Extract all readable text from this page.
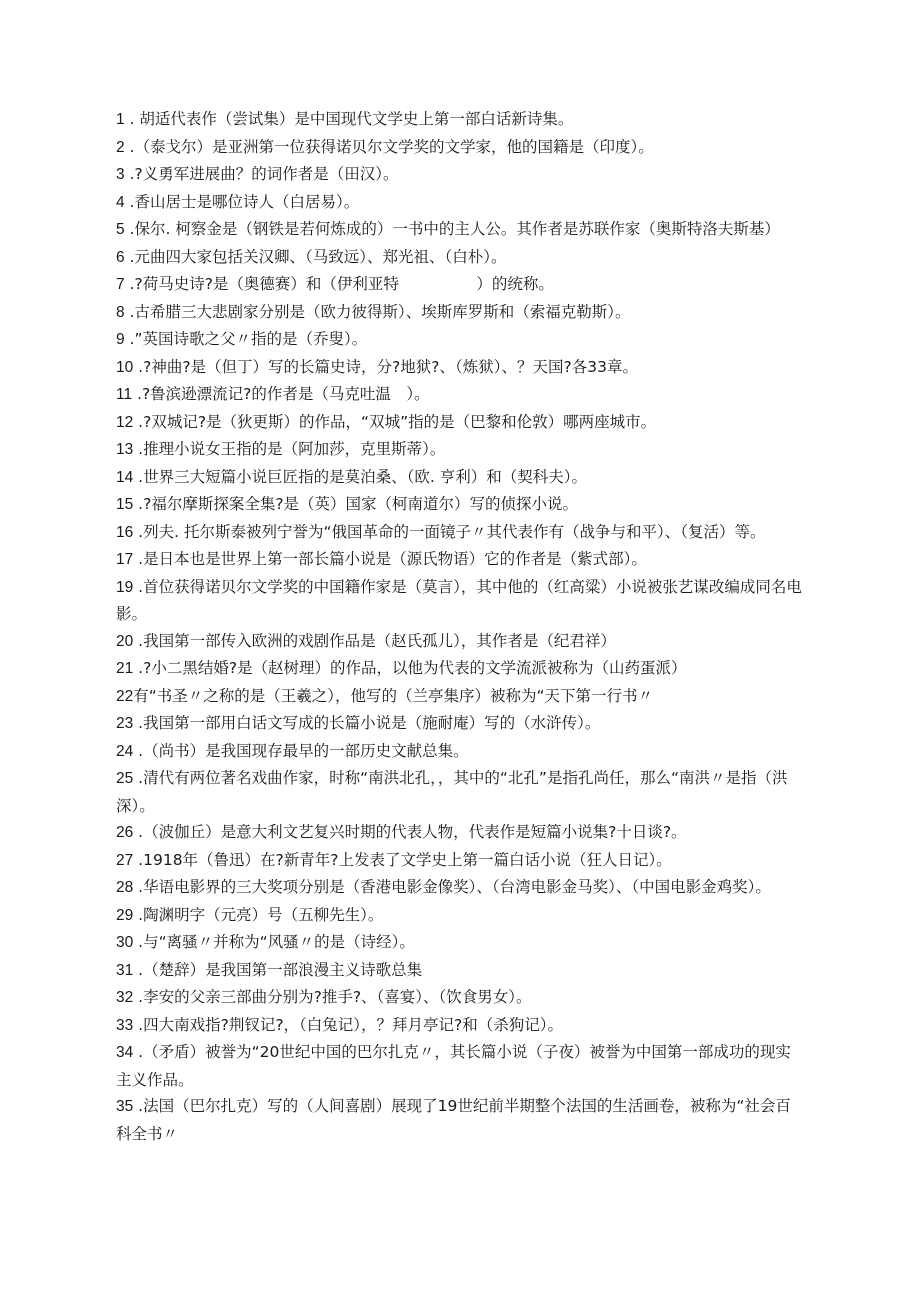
1 . 胡适代表作（尝试集）是中国现代文学史上第一部白话新诗集。
2 .（泰戈尔）是亚洲第一位获得诺贝尔文学奖的文学家，他的国籍是（印度）。
3 .?义勇军进展曲？的词作者是（田汉）。
4 .香山居士是哪位诗人（白居易）。
5 .保尔. 柯察金是（钢铁是若何炼成的）一书中的主人公。其作者是苏联作家（奥斯特洛夫斯基）
6 .元曲四大家包括关汉卿、（马致远）、郑光祖、（白朴）。
7 .?荷马史诗?是（奥德赛）和（伊利亚特　　　　　）的统称。
8 .古希腊三大悲剧家分别是（欧力彼得斯）、埃斯库罗斯和（索福克勒斯）。
9 .”英国诗歌之父〃指的是（乔叟）。
10 .?神曲?是（但丁）写的长篇史诗，分?地狱?、（炼狱）、？天国?各33章。
11 .?鲁滨逊漂流记?的作者是（马克吐温　）。
12 .?双城记?是（狄更斯）的作品，“双城”指的是（巴黎和伦敦）哪两座城市。
13 .推理小说女王指的是（阿加莎，克里斯蒂）。
14 .世界三大短篇小说巨匠指的是莫泊桑、（欧. 亨利）和（契科夫）。
15 .?福尔摩斯探案全集?是（英）国家（柯南道尔）写的侦探小说。
16 .列夫. 托尔斯泰被列宁誉为“俄国革命的一面镜子〃其代表作有（战争与和平）、（复活）等。
17 .是日本也是世界上第一部长篇小说是（源氏物语）它的作者是（紫式部）。
19 .首位获得诺贝尔文学奖的中国籍作家是（莫言），其中他的（红高粱）小说被张艺谋改编成同名电影。
20 .我国第一部传入欧洲的戏剧作品是（赵氏孤儿），其作者是（纪君祥）
21 .?小二黑结婚?是（赵树理）的作品，以他为代表的文学流派被称为（山药蛋派）
22有“书圣〃之称的是（王羲之），他写的（兰亭集序）被称为“天下第一行书〃
23 .我国第一部用白话文写成的长篇小说是（施耐庵）写的（水浒传）。
24 .（尚书）是我国现存最早的一部历史文献总集。
25 .清代有两位著名戏曲作家，时称“南洪北孔，，其中的“北孔”是指孔尚任，那么“南洪〃是指（洪深）。
26 .（波伽丘）是意大利文艺复兴时期的代表人物，代表作是短篇小说集?十日谈?。
27 .1918年（鲁迅）在?新青年?上发表了文学史上第一篇白话小说（狂人日记）。
28 .华语电影界的三大奖项分别是（香港电影金像奖）、（台湾电影金马奖）、（中国电影金鸡奖）。
29 .陶渊明字（元亮）号（五柳先生）。
30 .与“离骚〃并称为“风骚〃的是（诗经）。
31 .（楚辞）是我国第一部浪漫主义诗歌总集
32 .李安的父亲三部曲分别为?推手?、（喜宴）、（饮食男女）。
33 .四大南戏指?荆钗记?，（白兔记），？拜月亭记?和（杀狗记）。
34 .（矛盾）被誉为“20世纪中国的巴尔扎克〃，其长篇小说（子夜）被誉为中国第一部成功的现实主义作品。
35 .法国（巴尔扎克）写的（人间喜剧）展现了19世纪前半期整个法国的生活画卷，被称为“社会百科全书〃
